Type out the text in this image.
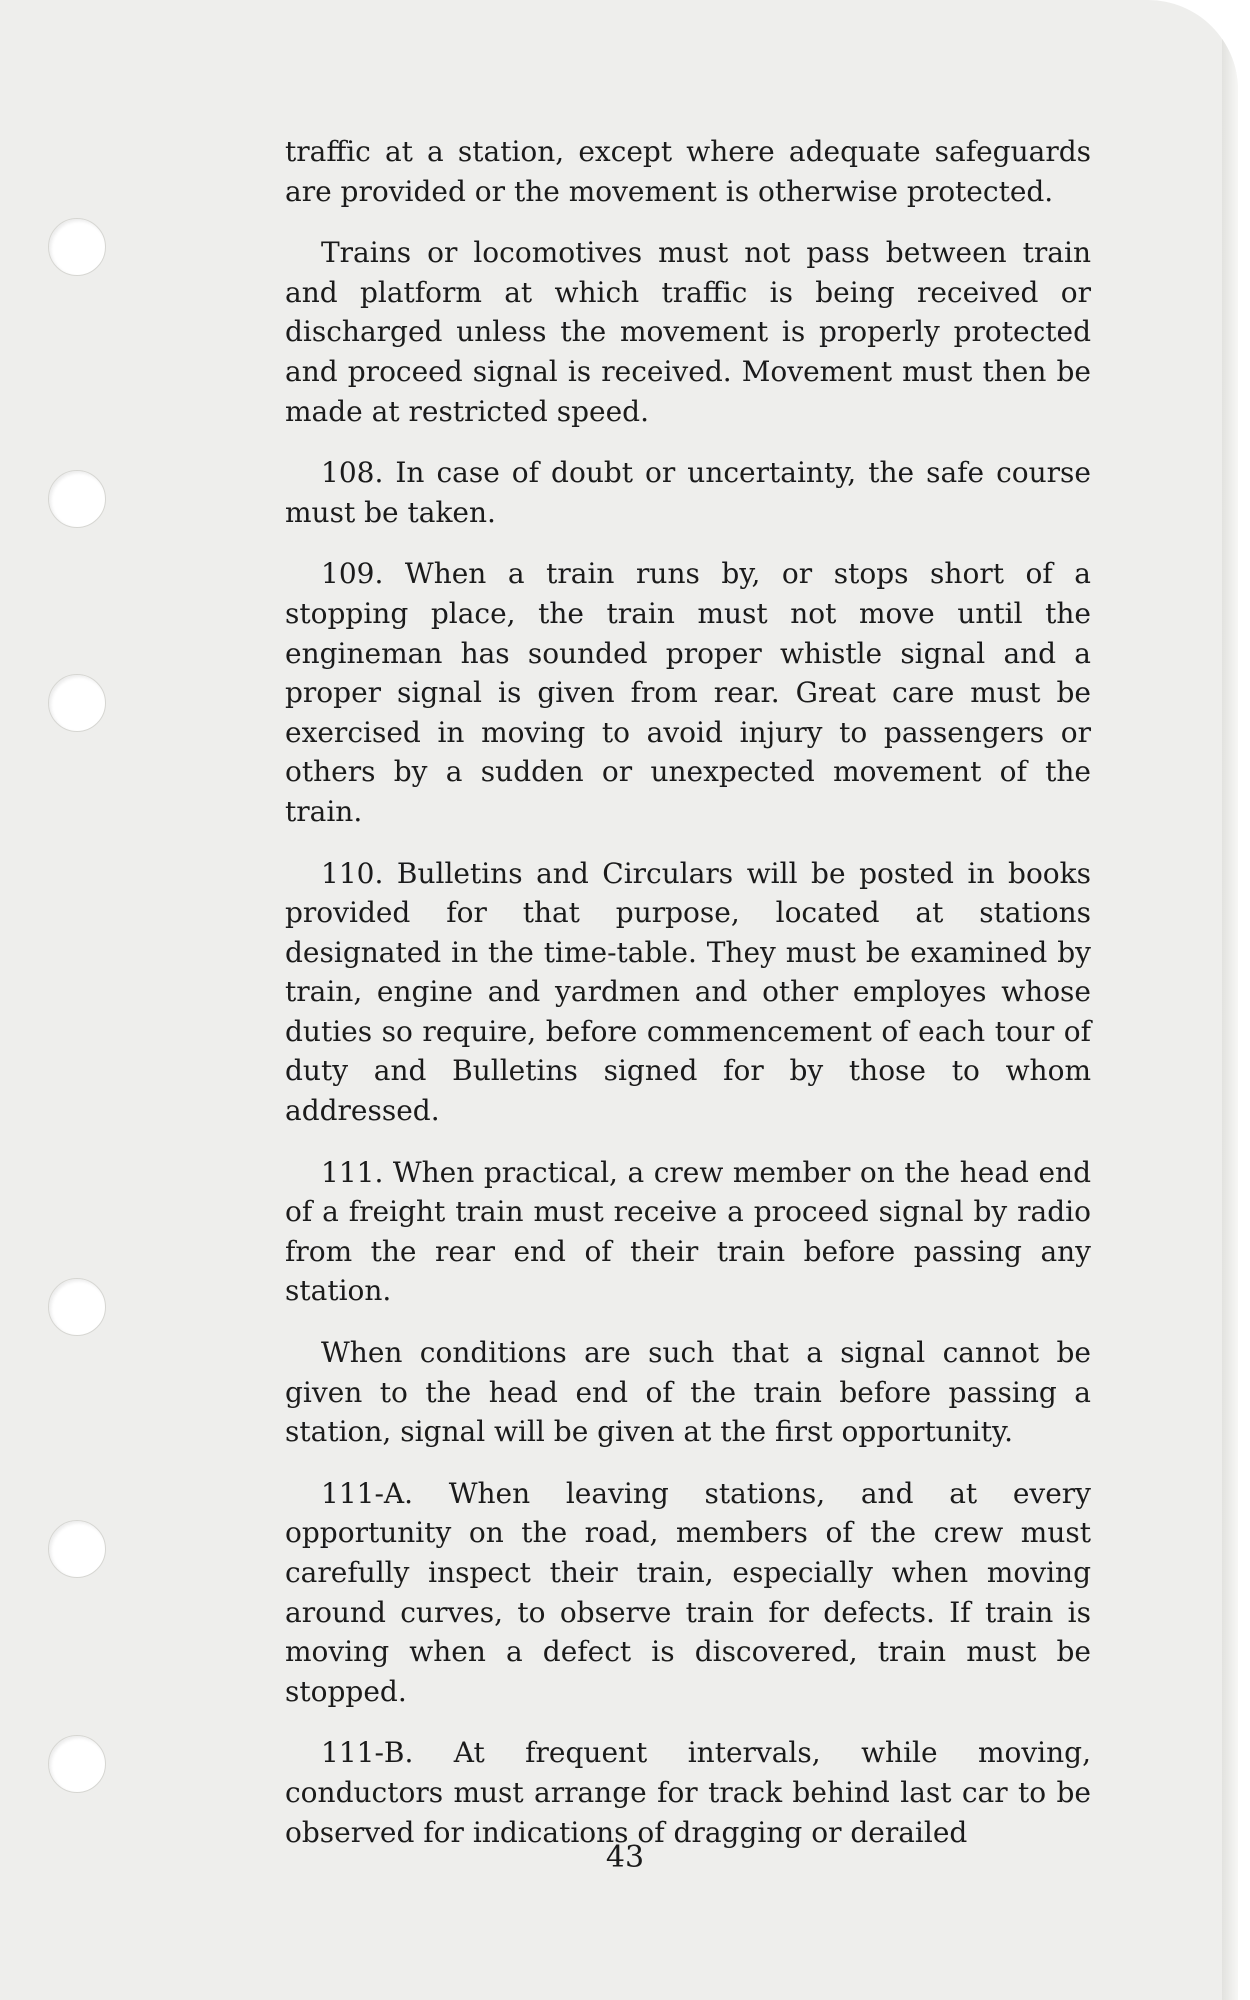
traffic at a station, except where adequate safeguards are provided or the movement is otherwise protected.

Trains or locomotives must not pass between train and platform at which traffic is being received or discharged unless the movement is properly protected and proceed signal is received. Movement must then be made at restricted speed.

108. In case of doubt or uncertainty, the safe course must be taken.

109. When a train runs by, or stops short of a stopping place, the train must not move until the engineman has sounded proper whistle signal and a proper signal is given from rear. Great care must be exercised in moving to avoid injury to passengers or others by a sudden or unexpected movement of the train.

110. Bulletins and Circulars will be posted in books provided for that purpose, located at stations designated in the time-table. They must be examined by train, engine and yardmen and other employes whose duties so require, before commencement of each tour of duty and Bulletins signed for by those to whom addressed.

111. When practical, a crew member on the head end of a freight train must receive a proceed signal by radio from the rear end of their train before passing any station.

When conditions are such that a signal cannot be given to the head end of the train before passing a station, signal will be given at the first opportunity.

111-A. When leaving stations, and at every opportunity on the road, members of the crew must carefully inspect their train, especially when moving around curves, to observe train for defects. If train is moving when a defect is discovered, train must be stopped.

111-B. At frequent intervals, while moving, conductors must arrange for track behind last car to be observed for indications of dragging or derailed

43
